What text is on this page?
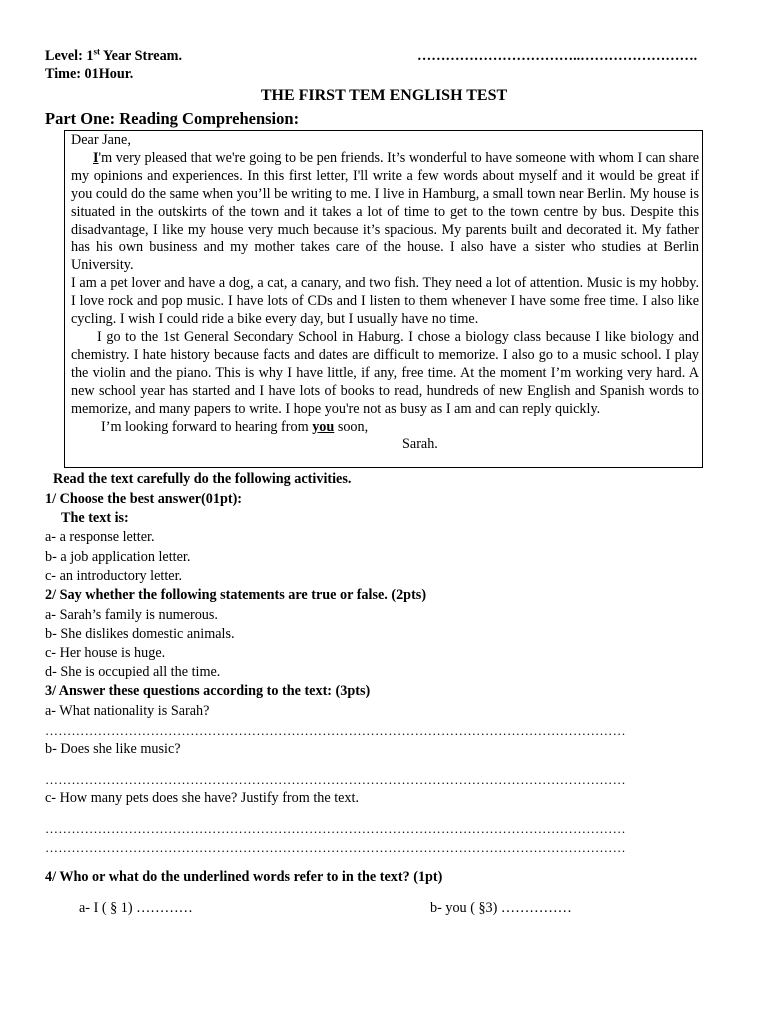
Level: 1st Year Stream.	……………………………..…………………….
Time: 01Hour.
THE FIRST TEM ENGLISH TEST
Part One: Reading Comprehension:

Dear Jane,

I'm very pleased that we're going to be pen friends. It’s wonderful to have someone with whom I can share my opinions and experiences. In this first letter, I'll write a few words about myself and it would be great if you could do the same when you’ll be writing to me. I live in Hamburg, a small town near Berlin. My house is situated in the outskirts of the town and it takes a lot of time to get to the town centre by bus. Despite this disadvantage, I like my house very much because it’s spacious. My parents built and decorated it. My father has his own business and my mother takes care of the house. I also have a sister who studies at Berlin University.

I am a pet lover and have a dog, a cat, a canary, and two fish. They need a lot of attention. Music is my hobby. I love rock and pop music. I have lots of CDs and I listen to them whenever I have some free time. I also like cycling. I wish I could ride a bike every day, but I usually have no time.

I go to the 1st General Secondary School in Haburg. I chose a biology class because I like biology and chemistry. I hate history because facts and dates are difficult to memorize. I also go to a music school. I play the violin and the piano. This is why I have little, if any, free time. At the moment I’m working very hard. A new school year has started and I have lots of books to read, hundreds of new English and Spanish words to memorize, and many papers to write. I hope you're not as busy as I am and can reply quickly.

I’m looking forward to hearing from you soon,

Sarah.

Read the text carefully do the following activities.
1/ Choose the best answer(01pt):
The text is:
a- a response letter.
b- a job application letter.
c- an introductory letter.
2/ Say whether the following statements are true or false. (2pts)
a- Sarah’s family is numerous.
b- She dislikes domestic animals.
c- Her house is huge.
d- She is occupied all the time.
3/ Answer these questions according to the text: (3pts)
a- What nationality is Sarah?
……………………………………………………………………………………………………………………
b- Does she like music?
……………………………………………………………………………………………………………………
c- How many pets does she have? Justify from the text.
……………………………………………………………………………………………………………………
……………………………………………………………………………………………………………………
4/ Who or what do the underlined words refer to in the text? (1pt)
a- I ( § 1) …………	b- you ( §3) ……………
